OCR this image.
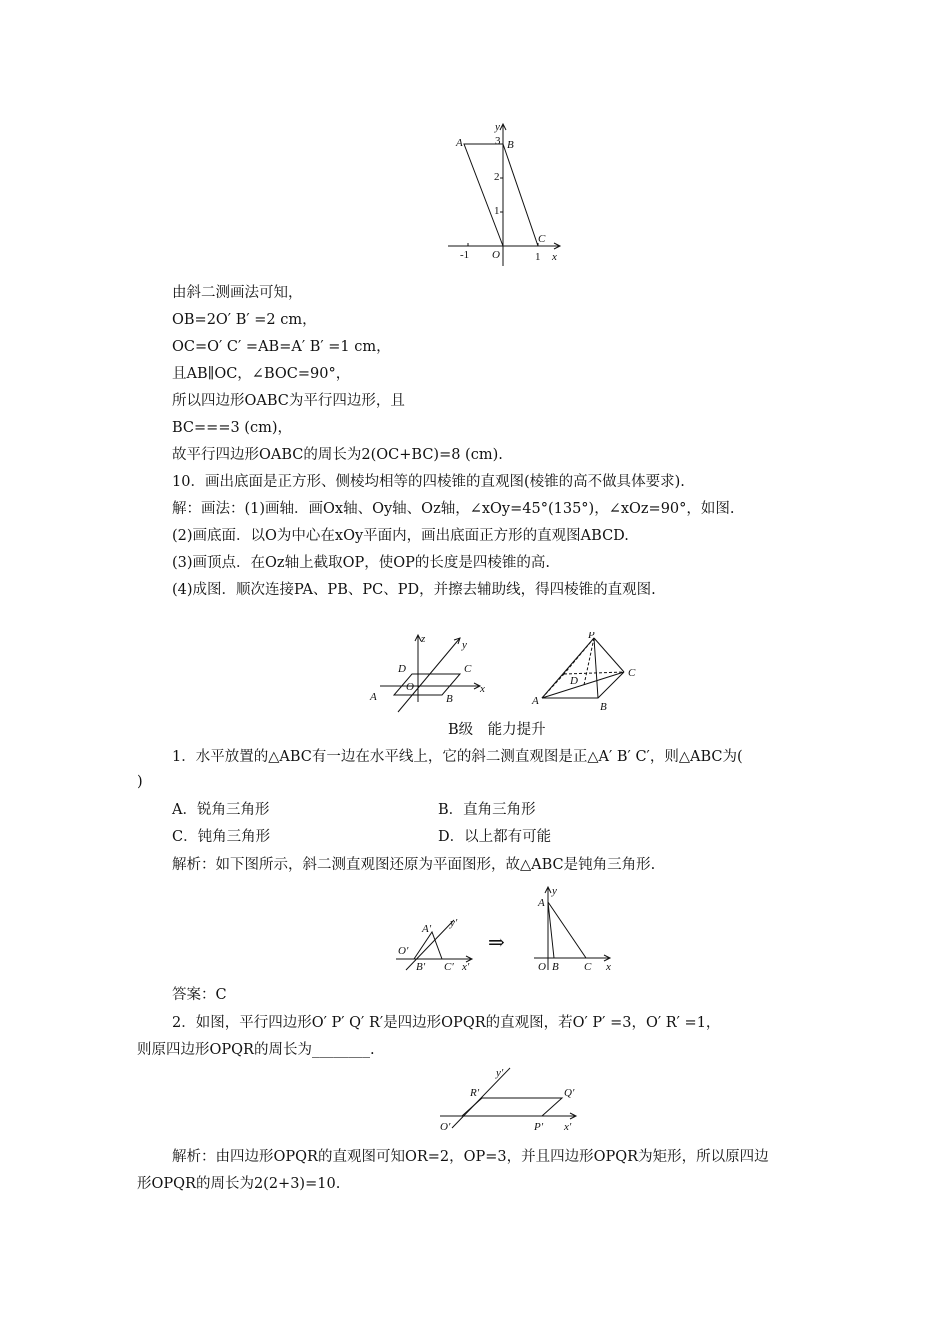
A	B
C
O	x
y
3
2
1
-1	1
由斜二测画法可知，
OB=2O′ B′ =2 cm，
OC=O′ C′ =AB=A′ B′ =1 cm，
且AB∥OC，∠BOC=90°，
所以四边形OABC为平行四边形，且
BC===3 (cm)，
故平行四边形OABC的周长为2(OC+BC)=8 (cm).
10．画出底面是正方形、侧棱均相等的四棱锥的直观图(棱锥的高不做具体要求).
解：画法：(1)画轴．画Ox轴、Oy轴、Oz轴，∠xOy=45°(135°)，∠xOz=90°，如图.
(2)画底面．以O为中心在xOy平面内，画出底面正方形的直观图ABCD.
(3)画顶点．在Oz轴上截取OP，使OP的长度是四棱锥的高.
(4)成图．顺次连接PA、PB、PC、PD，并擦去辅助线，得四棱锥的直观图.
z	y
x
A	B
C
D
O
P
A	B
C
D
B级　能力提升
1．水平放置的△ABC有一边在水平线上，它的斜二测直观图是正△A′ B′ C′，则△ABC为(
)
A．锐角三角形	B．直角三角形
C．钝角三角形	D．以上都有可能
解析：如下图所示，斜二测直观图还原为平面图形，故△ABC是钝角三角形.
A′ y′
O′
B′ C′ x′
⇒
y
A
O B C x
答案：C
2．如图，平行四边形O′ P′ Q′ R′是四边形OPQR的直观图，若O′ P′ =3，O′ R′ =1，
则原四边形OPQR的周长为________.
y′
R′	Q′
O′	P′ x′
解析：由四边形OPQR的直观图可知OR=2，OP=3，并且四边形OPQR为矩形，所以原四边
形OPQR的周长为2(2+3)=10.
